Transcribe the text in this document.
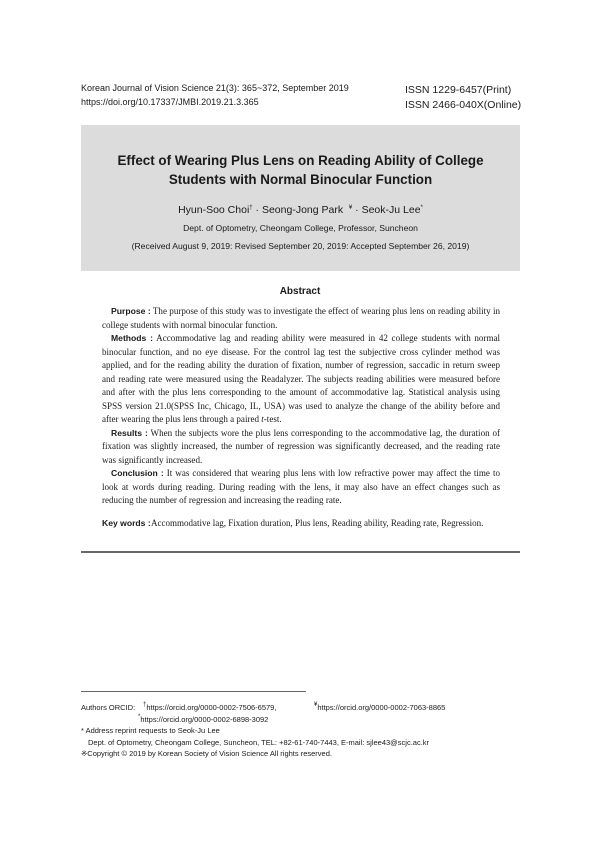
Korean Journal of Vision Science 21(3): 365~372, September 2019
https://doi.org/10.17337/JMBI.2019.21.3.365
ISSN 1229-6457(Print)
ISSN 2466-040X(Online)
Effect of Wearing Plus Lens on Reading Ability of College
Students with Normal Binocular Function
Hyun-Soo Choi† · Seong-Jong Park$^{ᅠ¥}$ · Seok-Ju Lee*
Dept. of Optometry, Cheongam College, Professor, Suncheon
(Received August 9, 2019: Revised September 20, 2019: Accepted September 26, 2019)
Abstract

Purpose : The purpose of this study was to investigate the effect of wearing plus lens on reading ability in college students with normal binocular function.

Methods : Accommodative lag and reading ability were measured in 42 college students with normal binocular function, and no eye disease. For the control lag test the subjective cross cylinder method was applied, and for the reading ability the duration of fixation, number of regression, saccadic in return sweep and reading rate were measured using the Readalyzer. The subjects reading abilities were measured before and after with the plus lens corresponding to the amount of accommodative lag. Statistical analysis using SPSS version 21.0(SPSS Inc, Chicago, IL, USA) was used to analyze the change of the ability before and after wearing the plus lens through a paired t-test.

Results : When the subjects wore the plus lens corresponding to the accommodative lag, the duration of fixation was slightly increased, the number of regression was significantly decreased, and the reading rate was significantly increased.

Conclusion : It was considered that wearing plus lens with low refractive power may affect the time to look at words during reading. During reading with the lens, it may also have an effect changes such as reducing the number of regression and increasing the reading rate.

Key words : Accommodative lag, Fixation duration, Plus lens, Reading ability, Reading rate, Regression.
Authors ORCID: †https://orcid.org/0000-0002-7506-6579,	¥https://orcid.org/0000-0002-7063-8865
*https://orcid.org/0000-0002-6898-3092
* Address reprint requests to Seok-Ju Lee
Dept. of Optometry, Cheongam College, Suncheon, TEL: +82-61-740-7443, E-mail: sjlee43@scjc.ac.kr
※Copyright © 2019 by Korean Society of Vision Science All rights reserved.
